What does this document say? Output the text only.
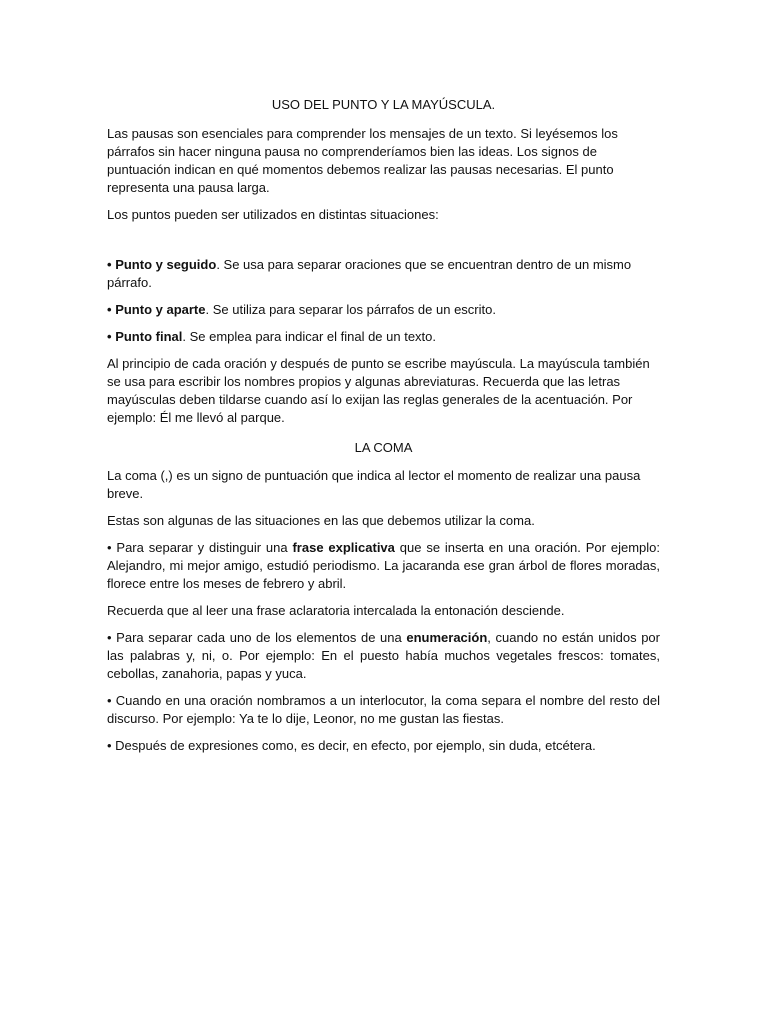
USO DEL PUNTO Y LA MAYÚSCULA.

Las pausas son esenciales para comprender los mensajes de un texto. Si leyésemos los párrafos sin hacer ninguna pausa no comprenderíamos bien las ideas. Los signos de puntuación indican en qué momentos debemos realizar las pausas necesarias. El punto representa una pausa larga.

Los puntos pueden ser utilizados en distintas situaciones:

• Punto y seguido. Se usa para separar oraciones que se encuentran dentro de un mismo párrafo.

• Punto y aparte. Se utiliza para separar los párrafos de un escrito.

• Punto final. Se emplea para indicar el final de un texto.

Al principio de cada oración y después de punto se escribe mayúscula. La mayúscula también se usa para escribir los nombres propios y algunas abreviaturas. Recuerda que las letras mayúsculas deben tildarse cuando así lo exijan las reglas generales de la acentuación. Por ejemplo: Él me llevó al parque.

LA COMA

La coma (,) es un signo de puntuación que indica al lector el momento de realizar una pausa breve.

Estas son algunas de las situaciones en las que debemos utilizar la coma.

• Para separar y distinguir una frase explicativa que se inserta en una oración. Por ejemplo: Alejandro, mi mejor amigo, estudió periodismo. La jacaranda ese gran árbol de flores moradas, florece entre los meses de febrero y abril.

Recuerda que al leer una frase aclaratoria intercalada la entonación desciende.

• Para separar cada uno de los elementos de una enumeración, cuando no están unidos por las palabras y, ni, o. Por ejemplo: En el puesto había muchos vegetales frescos: tomates, cebollas, zanahoria, papas y yuca.

• Cuando en una oración nombramos a un interlocutor, la coma separa el nombre del resto del discurso. Por ejemplo: Ya te lo dije, Leonor, no me gustan las fiestas.

• Después de expresiones como, es decir, en efecto, por ejemplo, sin duda, etcétera.
